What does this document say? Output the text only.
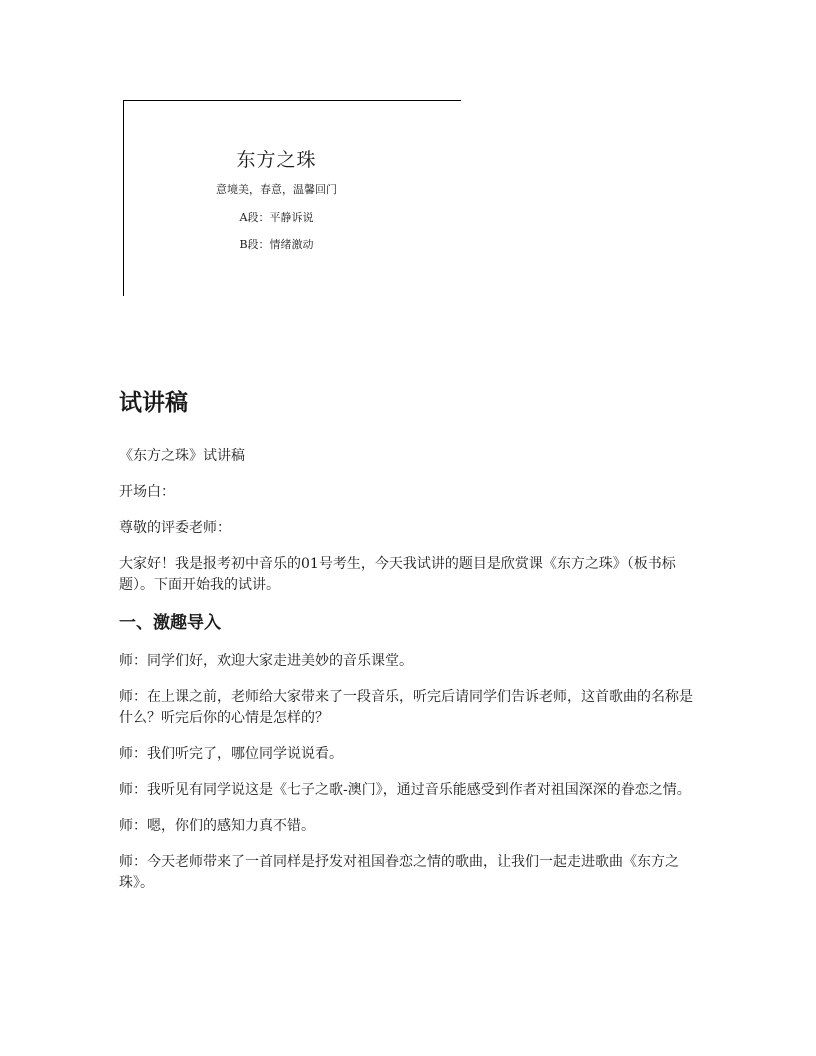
东方之珠
意境美，春意，温馨回门
A段：平静诉说
B段：情绪激动
试讲稿

《东方之珠》试讲稿

开场白：

尊敬的评委老师：

大家好！我是报考初中音乐的01号考生，今天我试讲的题目是欣赏课《东方之珠》（板书标题）。下面开始我的试讲。

一、激趣导入

师：同学们好，欢迎大家走进美妙的音乐课堂。

师：在上课之前，老师给大家带来了一段音乐，听完后请同学们告诉老师，这首歌曲的名称是什么？听完后你的心情是怎样的？

师：我们听完了，哪位同学说说看。

师：我听见有同学说这是《七子之歌-澳门》，通过音乐能感受到作者对祖国深深的眷恋之情。

师：嗯，你们的感知力真不错。

师：今天老师带来了一首同样是抒发对祖国眷恋之情的歌曲，让我们一起走进歌曲《东方之珠》。
